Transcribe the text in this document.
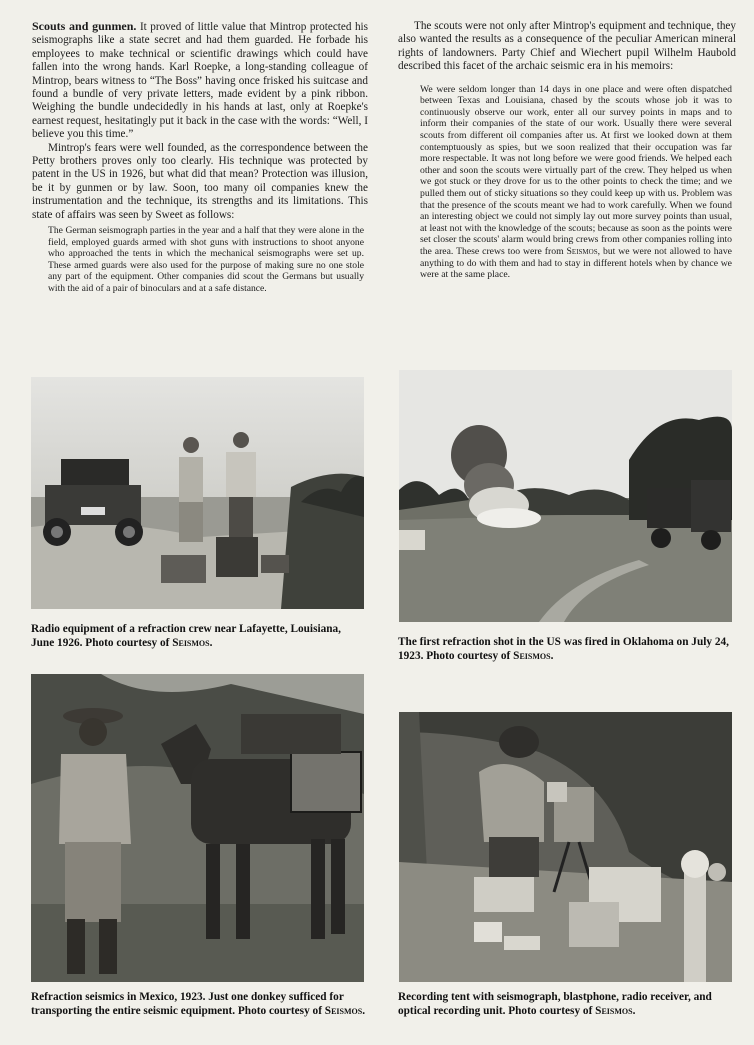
Scouts and gunmen. It proved of little value that Mintrop protected his seismographs like a state secret and had them guarded. He forbade his employees to make technical or scientific drawings which could have fallen into the wrong hands. Karl Roepke, a long-standing colleague of Mintrop, bears witness to “The Boss” having once frisked his suitcase and found a bundle of very private letters, made evident by a pink ribbon. Weighing the bundle undecidedly in his hands at last, only at Roepke's earnest request, hesitatingly put it back in the case with the words: “Well, I believe you this time.”

Mintrop's fears were well founded, as the correspondence between the Petty brothers proves only too clearly. His technique was protected by patent in the US in 1926, but what did that mean? Protection was illusion, be it by gunmen or by law. Soon, too many oil companies knew the instrumentation and the technique, its strengths and its limitations. This state of affairs was seen by Sweet as follows:

The German seismograph parties in the year and a half that they were alone in the field, employed guards armed with shot guns with instructions to shoot anyone who approached the tents in which the mechanical seismographs were set up. These armed guards were also used for the purpose of making sure no one stole any part of the equipment. Other companies did scout the Germans but usually with the aid of a pair of binoculars and at a safe distance.

The scouts were not only after Mintrop's equipment and technique, they also wanted the results as a consequence of the peculiar American mineral rights of landowners. Party Chief and Wiechert pupil Wilhelm Haubold described this facet of the archaic seismic era in his memoirs:

We were seldom longer than 14 days in one place and were often dispatched between Texas and Louisiana, chased by the scouts whose job it was to continuously observe our work, enter all our survey points in maps and to inform their companies of the state of our work. Usually there were several scouts from different oil companies after us. At first we looked down at them contemptuously as spies, but we soon realized that their occupation was far more respectable. It was not long before we were good friends. We helped each other and soon the scouts were virtually part of the crew. They helped us when we got stuck or they drove for us to the other points to check the time; and we pulled them out of sticky situations so they could keep up with us. Problem was that the presence of the scouts meant we had to work carefully. When we found an interesting object we could not simply lay out more survey points than usual, at least not with the knowledge of the scouts; because as soon as the points were set closer the scouts' alarm would bring crews from other companies rolling into the area. These crews too were from Seismos, but we were not allowed to have anything to do with them and had to stay in different hotels when by chance we were at the same place.

Radio equipment of a refraction crew near Lafayette, Louisiana, June 1926. Photo courtesy of Seismos.	The first refraction shot in the US was fired in Oklahoma on July 24, 1923. Photo courtesy of Seismos.
Refraction seismics in Mexico, 1923. Just one donkey sufficed for transporting the entire seismic equipment. Photo courtesy of Seismos.
Recording tent with seismograph, blastphone, radio receiver, and optical recording unit. Photo courtesy of Seismos.
